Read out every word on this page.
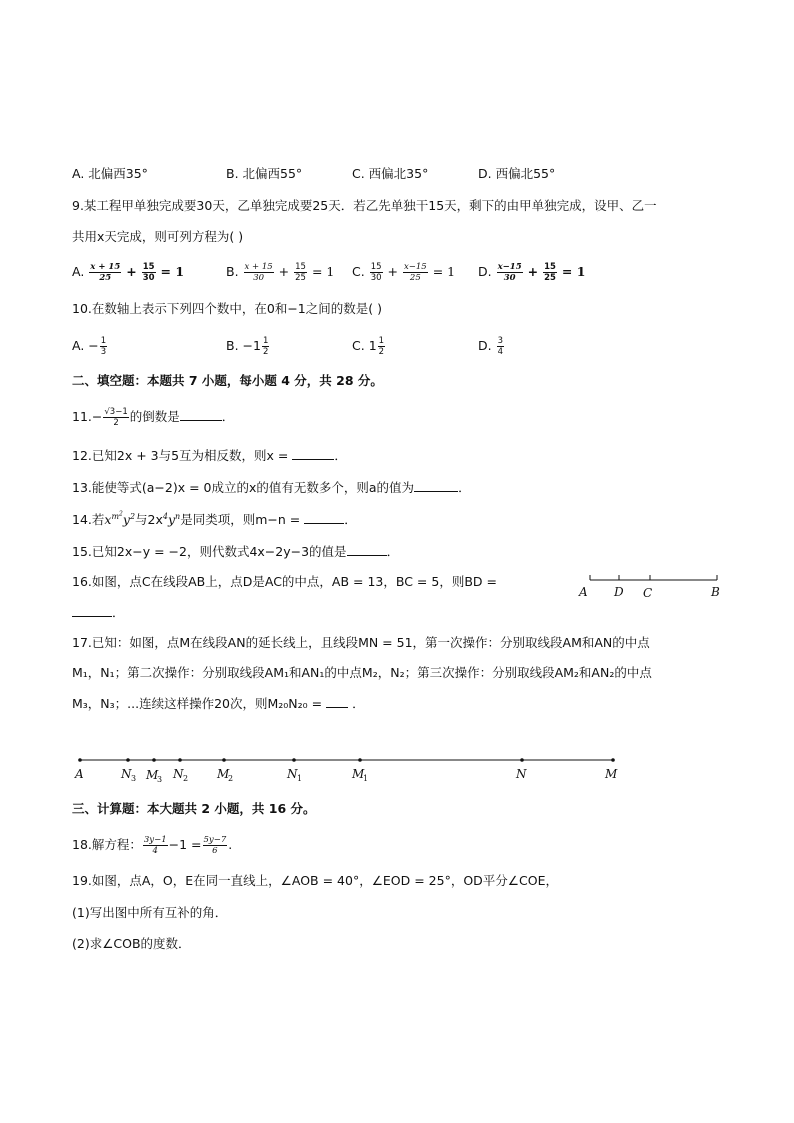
A. 北偏西35°	B. 北偏西55°	C. 西偏北35°	D. 西偏北55°
9.某工程甲单独完成要30天，乙单独完成要25天．若乙先单独干15天，剩下的由甲单独完成，设甲、乙一
共用x天完成，则可列方程为( )
A. $\frac{x + 15}{25} + \frac{15}{30} = 1$	B. $\frac{x + 15}{30} + \frac{15}{25} = 1$ C. $\frac{15}{30} + \frac{x-15}{25} = 1$ D. $\frac{x-15}{30} + \frac{15}{25} = 1$
10.在数轴上表示下列四个数中，在0和−1之间的数是( )
A. − $\frac{1}{3}$	B. $-1 \frac{1}{2}$	C. $1 \frac{1}{2}$	D. $\frac{3}{4}$
二、填空题：本题共 7 小题，每小题 4 分，共 28 分。
$11.- \frac{√3-1}{2}$ 的倒数是	．
12.已知2x + 3与5互为相反数，则x =	．
13.能使等式(a−2)x = 0成立的x的值有无数多个，则a的值为	．
14.若$x^{m^2}y^2$与$2x^4y^n$是同类项，则m−n =	．
15.已知2x−y = −2，则代数式4x−2y−3的值是	．
16.如图，点C在线段AB上，点D是AC的中点，AB = 13，BC = 5，则BD =
．
A D C	B
17.已知：如图，点M在线段AN的延长线上，且线段MN = 51，第一次操作：分别取线段AM和AN的中点
M₁，N₁；第二次操作：分别取线段AM₁和AN₁的中点M₂，N₂；第三次操作：分别取线段AM₂和AN₂的中点
M₃，N₃；...连续这样操作20次，则M₂₀N₂₀ = ．
A	N 3 M
3 N 2 M
2	N 1	M
1	N	M
三、计算题：本大题共 2 小题，共 16 分。
18.解方程： $\frac{3y-1}{4} -1 = \frac{5y-7}{6}$ .
19.如图，点A，O，E在同一直线上，∠AOB = 40°，∠EOD = 25°，OD平分∠COE，
(1)写出图中所有互补的角．
(2)求∠COB的度数．
